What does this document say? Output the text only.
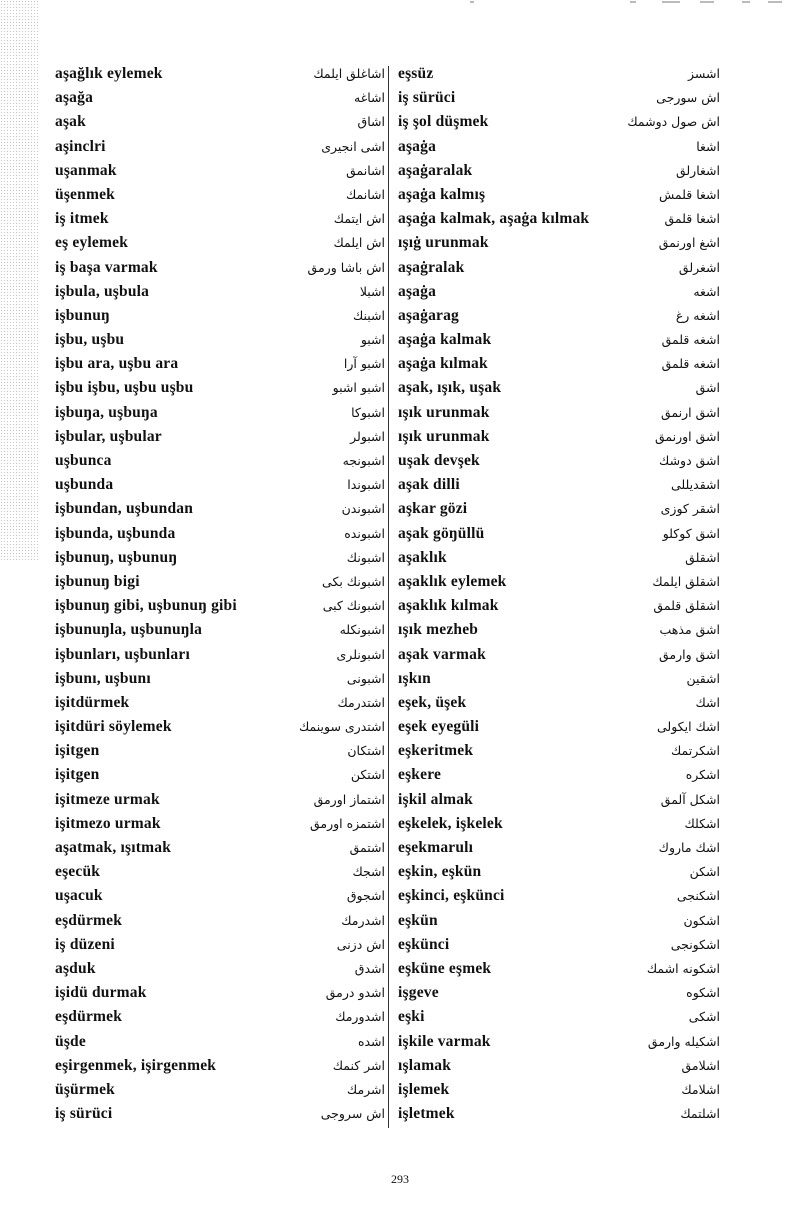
aşağlık eylemek	اشاغلق ايلمك
aşağa	اشاغه
aşak	اشاق
aşinclri	اشى انجيرى
uşanmak	اشانمق
üşenmek	اشانمك
iş itmek	اش ايتمك
eş eylemek	اش ايلمك
iş başa varmak	اش باشا ورمق
işbula, uşbula	اشبلا
işbunuŋ	اشبنك
işbu, uşbu	اشبو
işbu ara, uşbu ara	اشبو آرا
işbu işbu, uşbu uşbu	اشبو اشبو
işbuŋa, uşbuŋa	اشبوكا
işbular, uşbular	اشبولر
uşbunca	اشبونجه
uşbunda	اشبوندا
işbundan, uşbundan	اشبوندن
işbunda, uşbunda	اشبونده
işbunuŋ, uşbunuŋ	اشبونك
işbunuŋ bigi	اشبونك بكى
işbunuŋ gibi, uşbunuŋ gibi	اشبونك كبى
işbunuŋla, uşbunuŋla	اشبونكله
işbunları, uşbunları	اشبونلرى
işbunı, uşbunı	اشبونى
işitdürmek	اشتدرمك
işitdüri söylemek	اشتدرى سوينمك
işitgen	اشتكان
işitgen	اشتكن
işitmeze urmak	اشتماز اورمق
işitmezo urmak	اشتمزه اورمق
aşatmak, ışıtmak	اشتمق
eşecük	اشجك
uşacuk	اشجوق
eşdürmek	اشدرمك
iş düzeni	اش دزنى
aşduk	اشدق
işidü durmak	اشدو درمق
eşdürmek	اشدورمك
üşde	اشده
eşirgenmek, işirgenmek	اشر كنمك
üşürmek	اشرمك
iş sürüci	اش سروجى
eşsüz	اشسز
iş sürüci	اش سورجى
iş şol düşmek	اش صول دوشمك
aşaġa	اشغا
aşaġaralak	اشغارلق
aşaġa kalmış	اشغا قلمش
aşaġa kalmak, aşaġa kılmak	اشغا قلمق
ışıġ urunmak	اشغ اورنمق
aşaġralak	اشغرلق
aşaġa	اشغه
aşaġarag	اشغه رغ
aşaġa kalmak	اشغه قلمق
aşaġa kılmak	اشغه قلمق
aşak, ışık, uşak	اشق
ışık urunmak	اشق ارنمق
ışık urunmak	اشق اورنمق
uşak devşek	اشق دوشك
aşak dilli	اشقديللى
aşkar gözi	اشقر كوزى
aşak göŋüllü	اشق كوكلو
aşaklık	اشقلق
aşaklık eylemek	اشقلق ايلمك
aşaklık kılmak	اشقلق قلمق
ışık mezheb	اشق مذهب
aşak varmak	اشق وارمق
ışkın	اشقين
eşek, üşek	اشك
eşek eyegüli	اشك ايكولى
eşkeritmek	اشكرتمك
eşkere	اشكره
işkil almak	اشكل آلمق
eşkelek, işkelek	اشكلك
eşekmarulı	اشك ماروك
eşkin, eşkün	اشكن
eşkinci, eşkünci	اشكنجى
eşkün	اشكون
eşkünci	اشكونجى
eşküne eşmek	اشكونه اشمك
işgeve	اشكوه
eşki	اشكى
işkile varmak	اشكيله وارمق
ışlamak	اشلامق
işlemek	اشلامك
işletmek	اشلتمك
293
